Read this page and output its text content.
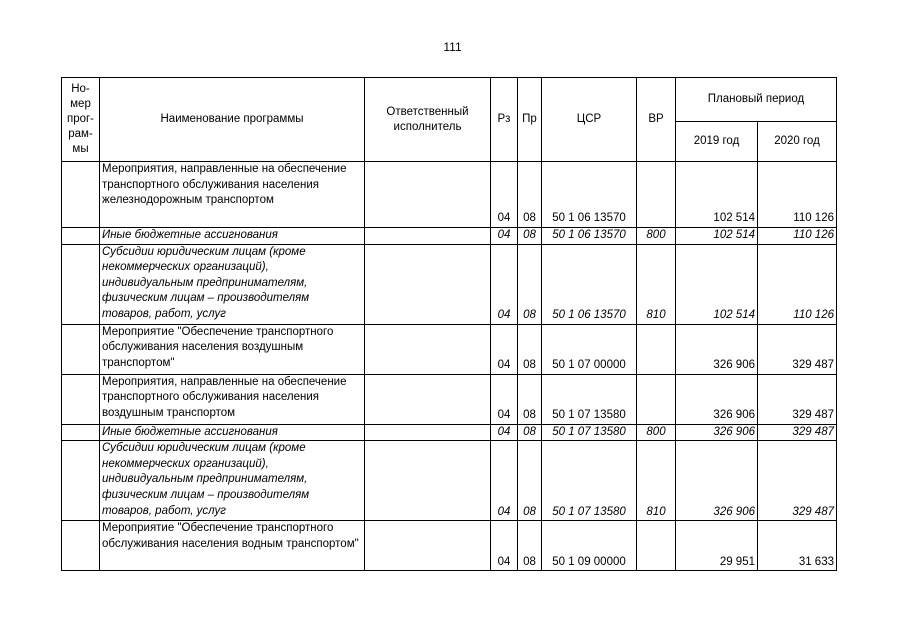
111
Но-мер
прог-рам-мы	Наименование программы	Ответственный исполнитель	Рз	Пр	ЦСР	ВР	Плановый период	
							2019 год	2020 год
	Мероприятия, направленные на обеспечение транспортного обслуживания населения железнодорожным транспортом		04	08	50 1 06 13570		102 514	110 126
	Иные бюджетные ассигнования		04	08	50 1 06 13570	800	102 514	110 126
	Субсидии юридическим лицам (кроме некоммерческих организаций), индивидуальным предпринимателям, физическим лицам – производителям товаров, работ, услуг		04	08	50 1 06 13570	810	102 514	110 126
	Мероприятие "Обеспечение транспортного обслуживания населения воздушным транспортом"		04	08	50 1 07 00000		326 906	329 487
	Мероприятия, направленные на обеспечение транспортного обслуживания населения воздушным транспортом		04	08	50 1 07 13580		326 906	329 487
	Иные бюджетные ассигнования		04	08	50 1 07 13580	800	326 906	329 487
	Субсидии юридическим лицам (кроме некоммерческих организаций), индивидуальным предпринимателям, физическим лицам – производителям товаров, работ, услуг		04	08	50 1 07 13580	810	326 906	329 487
	Мероприятие "Обеспечение транспортного обслуживания населения водным транспортом"		04	08	50 1 09 00000		29 951	31 633
